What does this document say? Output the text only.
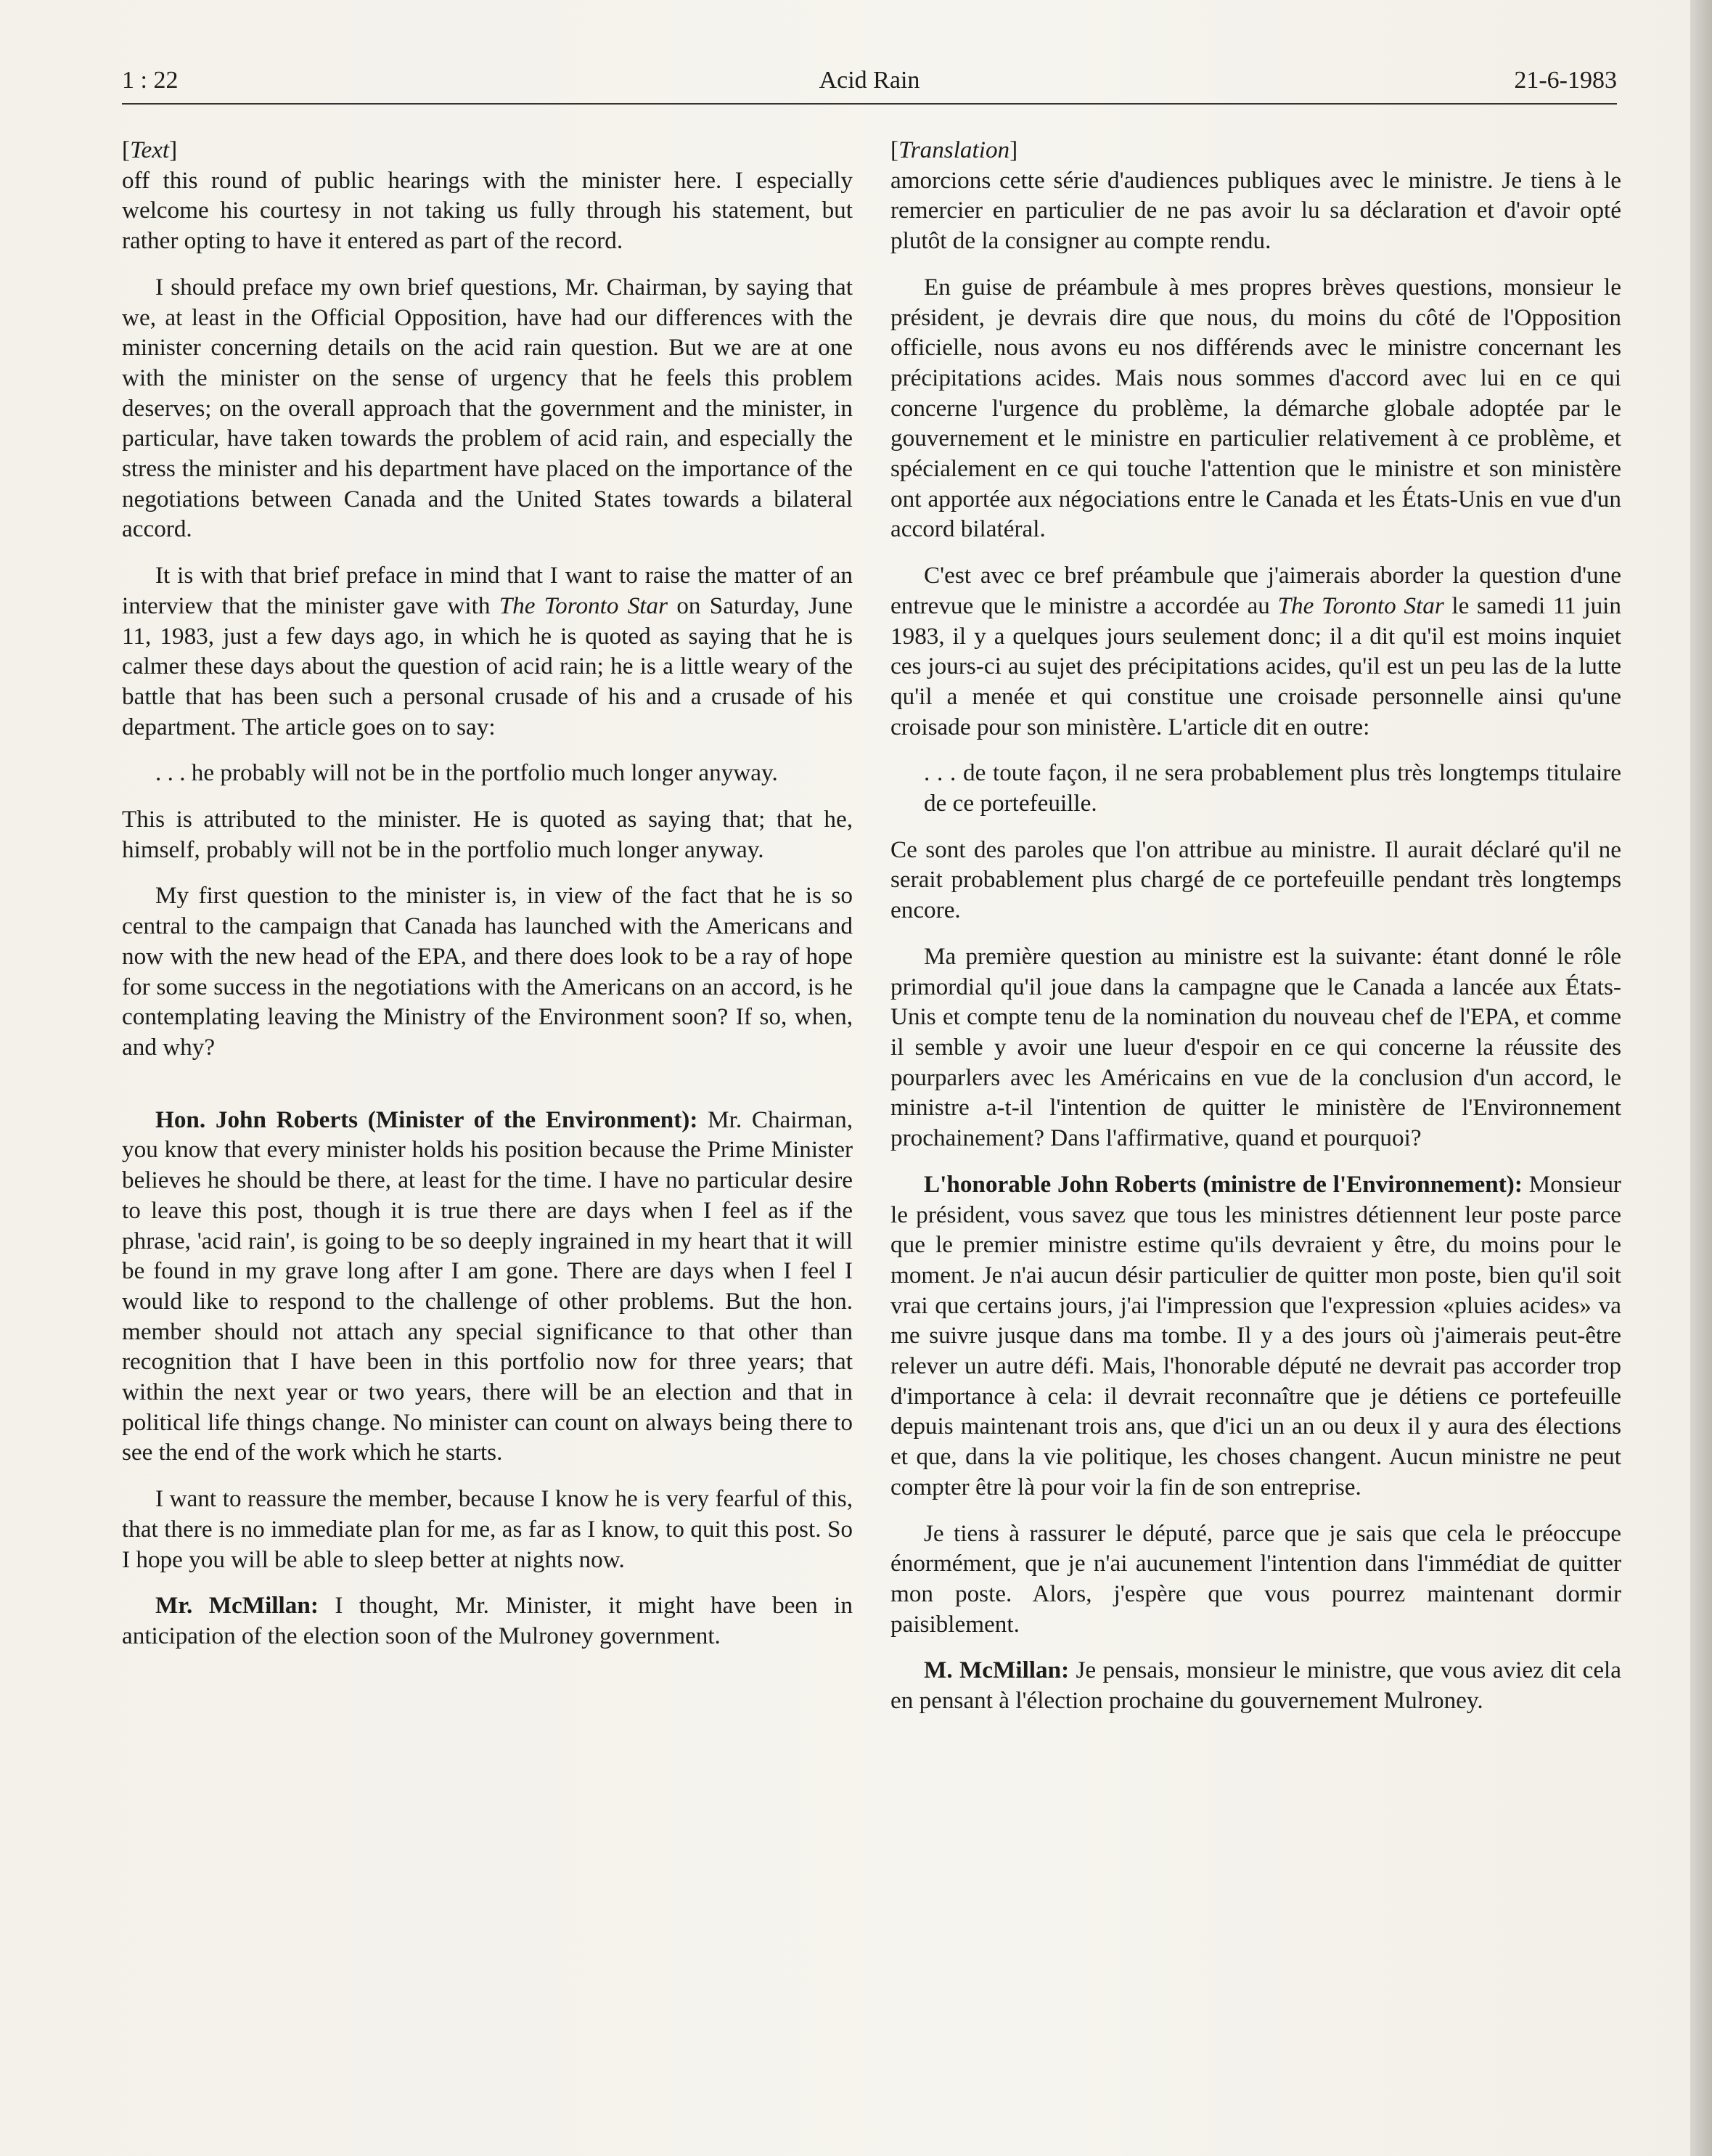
1 : 22	Acid Rain	21-6-1983

[Text]

off this round of public hearings with the minister here. I especially welcome his courtesy in not taking us fully through his statement, but rather opting to have it entered as part of the record.

I should preface my own brief questions, Mr. Chairman, by saying that we, at least in the Official Opposition, have had our differences with the minister concerning details on the acid rain question. But we are at one with the minister on the sense of urgency that he feels this problem deserves; on the overall approach that the government and the minister, in particular, have taken towards the problem of acid rain, and especially the stress the minister and his department have placed on the importance of the negotiations between Canada and the United States towards a bilateral accord.

It is with that brief preface in mind that I want to raise the matter of an interview that the minister gave with The Toronto Star on Saturday, June 11, 1983, just a few days ago, in which he is quoted as saying that he is calmer these days about the question of acid rain; he is a little weary of the battle that has been such a personal crusade of his and a crusade of his department. The article goes on to say:

. . . he probably will not be in the portfolio much longer anyway.

This is attributed to the minister. He is quoted as saying that; that he, himself, probably will not be in the portfolio much longer anyway.

My first question to the minister is, in view of the fact that he is so central to the campaign that Canada has launched with the Americans and now with the new head of the EPA, and there does look to be a ray of hope for some success in the negotiations with the Americans on an accord, is he contemplating leaving the Ministry of the Environment soon? If so, when, and why?

Hon. John Roberts (Minister of the Environment): Mr. Chairman, you know that every minister holds his position because the Prime Minister believes he should be there, at least for the time. I have no particular desire to leave this post, though it is true there are days when I feel as if the phrase, 'acid rain', is going to be so deeply ingrained in my heart that it will be found in my grave long after I am gone. There are days when I feel I would like to respond to the challenge of other problems. But the hon. member should not attach any special significance to that other than recognition that I have been in this portfolio now for three years; that within the next year or two years, there will be an election and that in political life things change. No minister can count on always being there to see the end of the work which he starts.

I want to reassure the member, because I know he is very fearful of this, that there is no immediate plan for me, as far as I know, to quit this post. So I hope you will be able to sleep better at nights now.

Mr. McMillan: I thought, Mr. Minister, it might have been in anticipation of the election soon of the Mulroney government.

[Translation]

amorcions cette série d'audiences publiques avec le ministre. Je tiens à le remercier en particulier de ne pas avoir lu sa déclaration et d'avoir opté plutôt de la consigner au compte rendu.

En guise de préambule à mes propres brèves questions, monsieur le président, je devrais dire que nous, du moins du côté de l'Opposition officielle, nous avons eu nos différends avec le ministre concernant les précipitations acides. Mais nous sommes d'accord avec lui en ce qui concerne l'urgence du problème, la démarche globale adoptée par le gouvernement et le ministre en particulier relativement à ce problème, et spécialement en ce qui touche l'attention que le ministre et son ministère ont apportée aux négociations entre le Canada et les États-Unis en vue d'un accord bilatéral.

C'est avec ce bref préambule que j'aimerais aborder la question d'une entrevue que le ministre a accordée au The Toronto Star le samedi 11 juin 1983, il y a quelques jours seulement donc; il a dit qu'il est moins inquiet ces jours-ci au sujet des précipitations acides, qu'il est un peu las de la lutte qu'il a menée et qui constitue une croisade personnelle ainsi qu'une croisade pour son ministère. L'article dit en outre:

. . . de toute façon, il ne sera probablement plus très longtemps titulaire de ce portefeuille.

Ce sont des paroles que l'on attribue au ministre. Il aurait déclaré qu'il ne serait probablement plus chargé de ce portefeuille pendant très longtemps encore.

Ma première question au ministre est la suivante: étant donné le rôle primordial qu'il joue dans la campagne que le Canada a lancée aux États-Unis et compte tenu de la nomination du nouveau chef de l'EPA, et comme il semble y avoir une lueur d'espoir en ce qui concerne la réussite des pourparlers avec les Américains en vue de la conclusion d'un accord, le ministre a-t-il l'intention de quitter le ministère de l'Environnement prochainement? Dans l'affirmative, quand et pourquoi?

L'honorable John Roberts (ministre de l'Environnement): Monsieur le président, vous savez que tous les ministres détiennent leur poste parce que le premier ministre estime qu'ils devraient y être, du moins pour le moment. Je n'ai aucun désir particulier de quitter mon poste, bien qu'il soit vrai que certains jours, j'ai l'impression que l'expression «pluies acides» va me suivre jusque dans ma tombe. Il y a des jours où j'aimerais peut-être relever un autre défi. Mais, l'honorable député ne devrait pas accorder trop d'importance à cela: il devrait reconnaître que je détiens ce portefeuille depuis maintenant trois ans, que d'ici un an ou deux il y aura des élections et que, dans la vie politique, les choses changent. Aucun ministre ne peut compter être là pour voir la fin de son entreprise.

Je tiens à rassurer le député, parce que je sais que cela le préoccupe énormément, que je n'ai aucunement l'intention dans l'immédiat de quitter mon poste. Alors, j'espère que vous pourrez maintenant dormir paisiblement.

M. McMillan: Je pensais, monsieur le ministre, que vous aviez dit cela en pensant à l'élection prochaine du gouvernement Mulroney.
